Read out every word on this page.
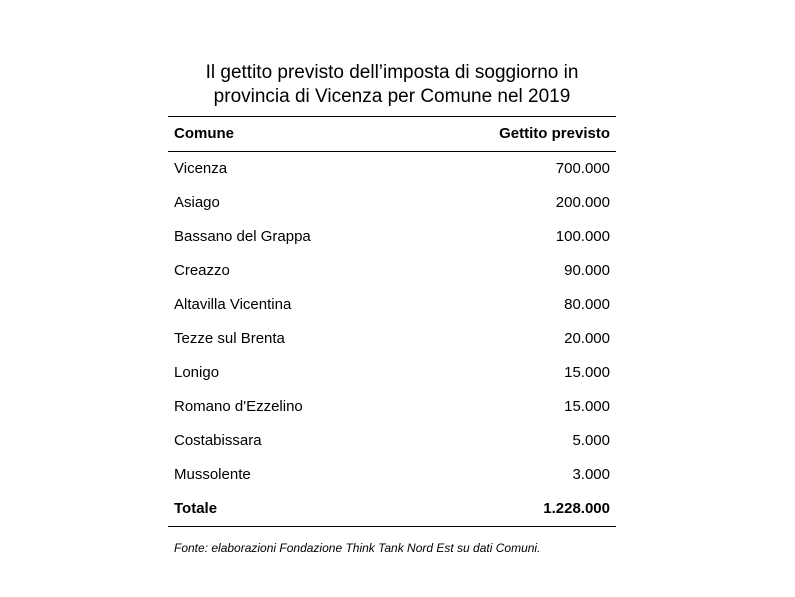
Il gettito previsto dell’imposta di soggiorno in
provincia di Vicenza per Comune nel 2019
Comune	Gettito previsto
Vicenza	700.000
Asiago	200.000
Bassano del Grappa	100.000
Creazzo	90.000
Altavilla Vicentina	80.000
Tezze sul Brenta	20.000
Lonigo	15.000
Romano d'Ezzelino	15.000
Costabissara	5.000
Mussolente	3.000
Totale	1.228.000

Fonte: elaborazioni Fondazione Think Tank Nord Est su dati Comuni.
